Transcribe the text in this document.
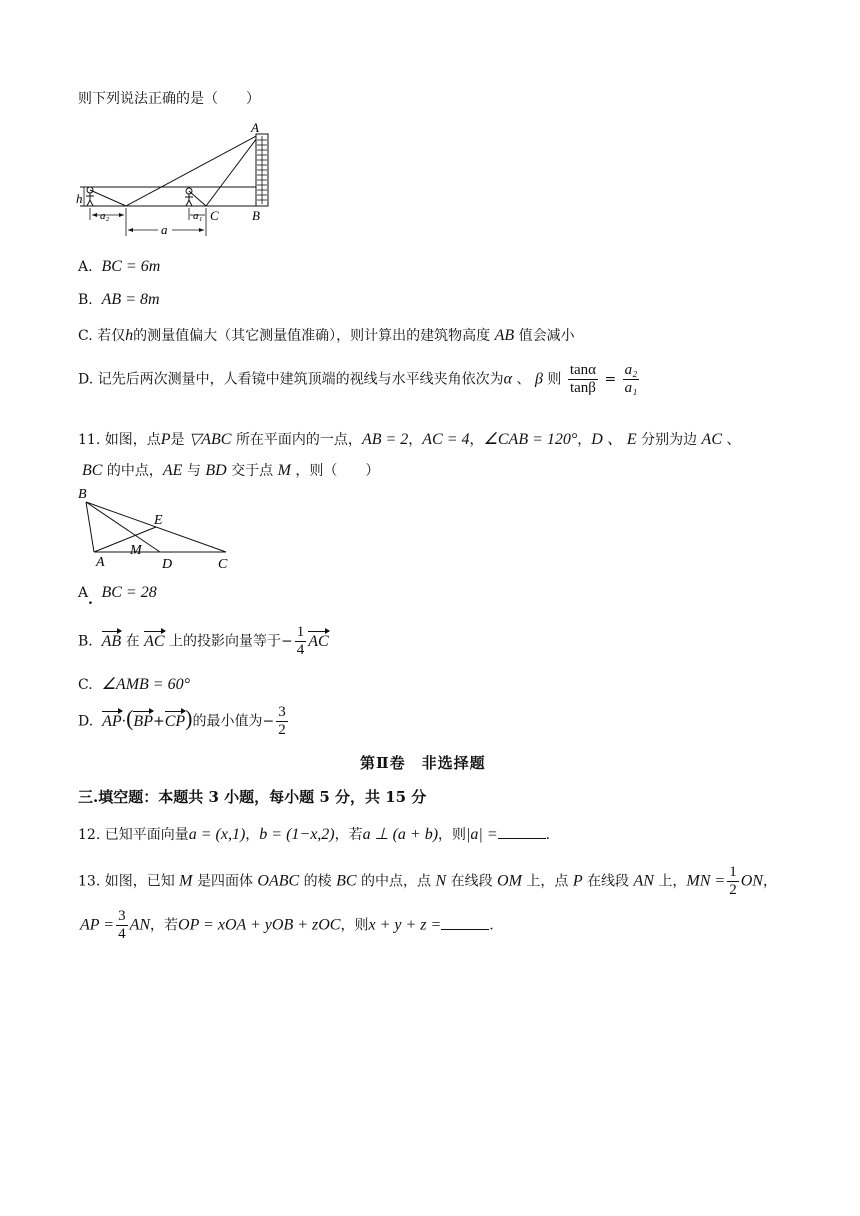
则下列说法正确的是（　　）
A
B
C
h
a₂	a₁
a
A. BC = 6m
B. AB = 8m
C. 若仅h的测量值偏大（其它测量值准确），则计算出的建筑物高度 AB 值会减小
D. 记先后两次测量中，人看镜中建筑顶端的视线与水平线夹角依次为α 、 β 则 $\frac{\tan\alpha}{\tan\beta} = \frac{\text{a₂}}{\text{a₁}}$
11. 如图，点P是 ▽ABC 所在平面内的一点，AB = 2，AC = 4，∠CAB = 120°，D 、 E 分别为边 AC 、
BC 的中点，AE 与 BD 交于点 M ，则（　　）
B
E
M
A	D	C
A BC = 28
.
B. AB 在 AC 上的投影向量等于− $\frac{1}{4}$ AC
C. ∠AMB = 60°
D. AP·(BP+CP)的最小值为− $\frac{3}{2}$
第Ⅱ卷　非选择题
三.填空题：本题共 3 小题，每小题 5 分，共 15 分
12. 已知平面向量a = (x,1)，b = (1−x,2)，若a ⊥ (a + b)，则|a| =	.
13. 如图，已知 M 是四面体 OABC 的棱 BC 的中点，点 N 在线段 OM 上，点 P 在线段 AN 上，MN = $\frac{1}{2}$ ON，
AP = $\frac{3}{4}$ AN，若OP = xOA + yOB + zOC，则x + y + z =	.
